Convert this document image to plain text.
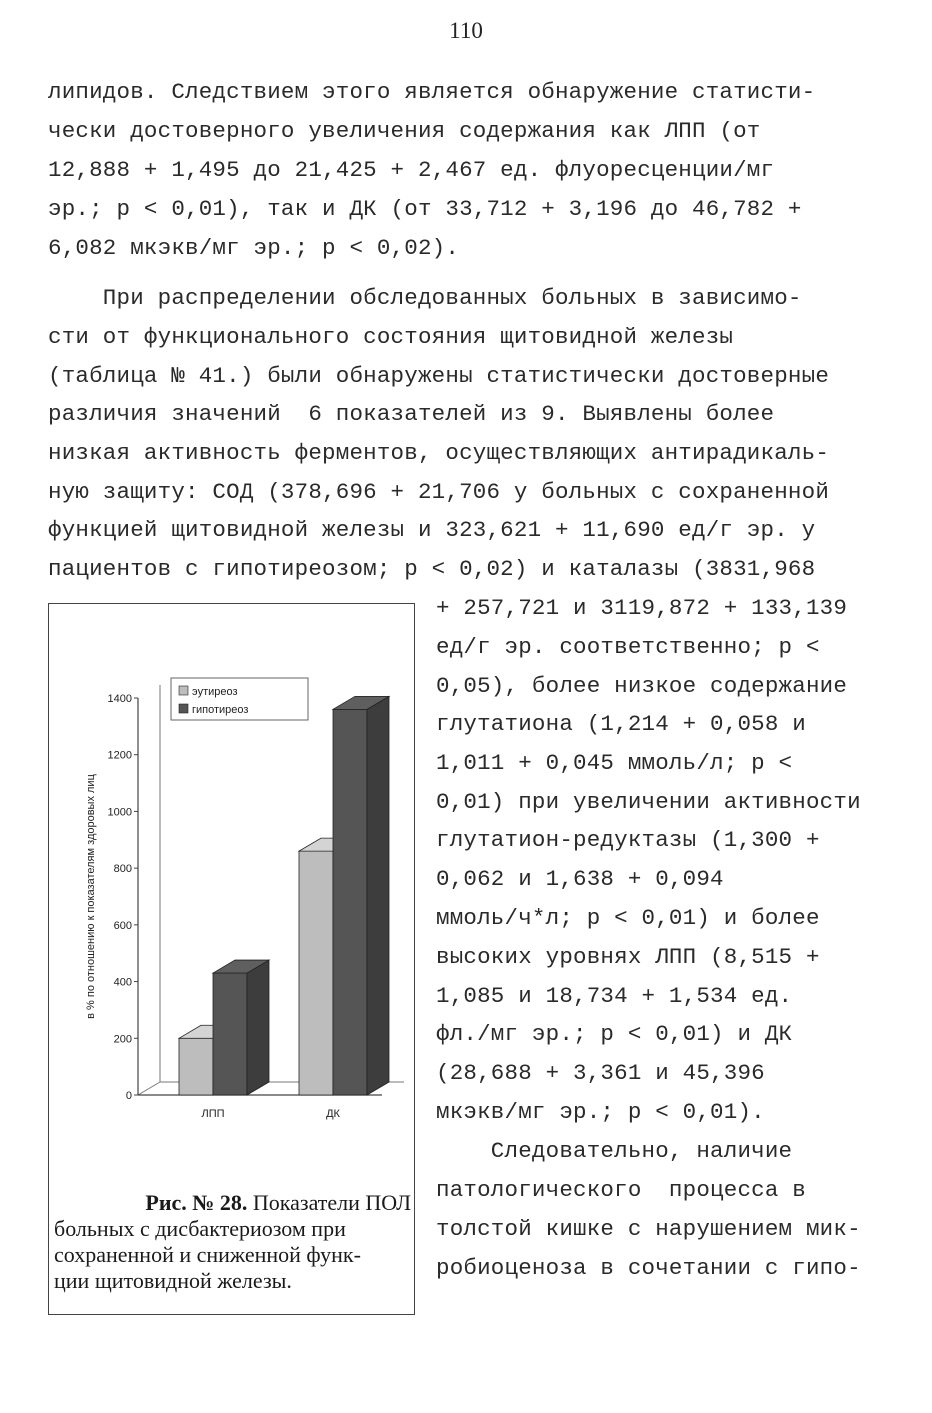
110
липидов. Следствием этого является обнаружение статисти-
чески достоверного увеличения содержания как ЛПП (от
12,888 + 1,495 до 21,425 + 2,467 ед. флуоресценции/мг
эр.; р < 0,01), так и ДК (от 33,712 + 3,196 до 46,782 +
6,082 мкэкв/мг эр.; р < 0,02).
При распределении обследованных больных в зависимо-
сти от функционального состояния щитовидной железы
(таблица № 41.) были обнаружены статистически достоверные
различия значений  6 показателей из 9. Выявлены более
низкая активность ферментов, осуществляющих антирадикаль-
ную защиту: СОД (378,696 + 21,706 у больных с сохраненной
функцией щитовидной железы и 323,621 + 11,690 ед/г эр. у
пациентов с гипотиреозом; р < 0,02) и каталазы (3831,968
+ 257,721 и 3119,872 + 133,139
ед/г эр. соответственно; р <
0,05), более низкое содержание
глутатиона (1,214 + 0,058 и
1,011 + 0,045 ммоль/л; р <
0,01) при увеличении активности
глутатион-редуктазы (1,300 +
0,062 и 1,638 + 0,094
ммоль/ч*л; р < 0,01) и более
высоких уровнях ЛПП (8,515 +
1,085 и 18,734 + 1,534 ед.
фл./мг эр.; р < 0,01) и ДК
(28,688 + 3,361 и 45,396
мкэкв/мг эр.; р < 0,01).
Следовательно, наличие
патологического  процесса в
толстой кишке с нарушением мик-
робиоценоза в сочетании с гипо-
0
200
400
600
800
1000
1200
1400
в % по отношению к показателям здоровых лиц
ЛПП	ДК
эутиреоз
гипотиреоз
Рис. № 28. Показатели ПОЛ
больных с дисбактериозом при
сохраненной и сниженной функ-
ции щитовидной железы.
